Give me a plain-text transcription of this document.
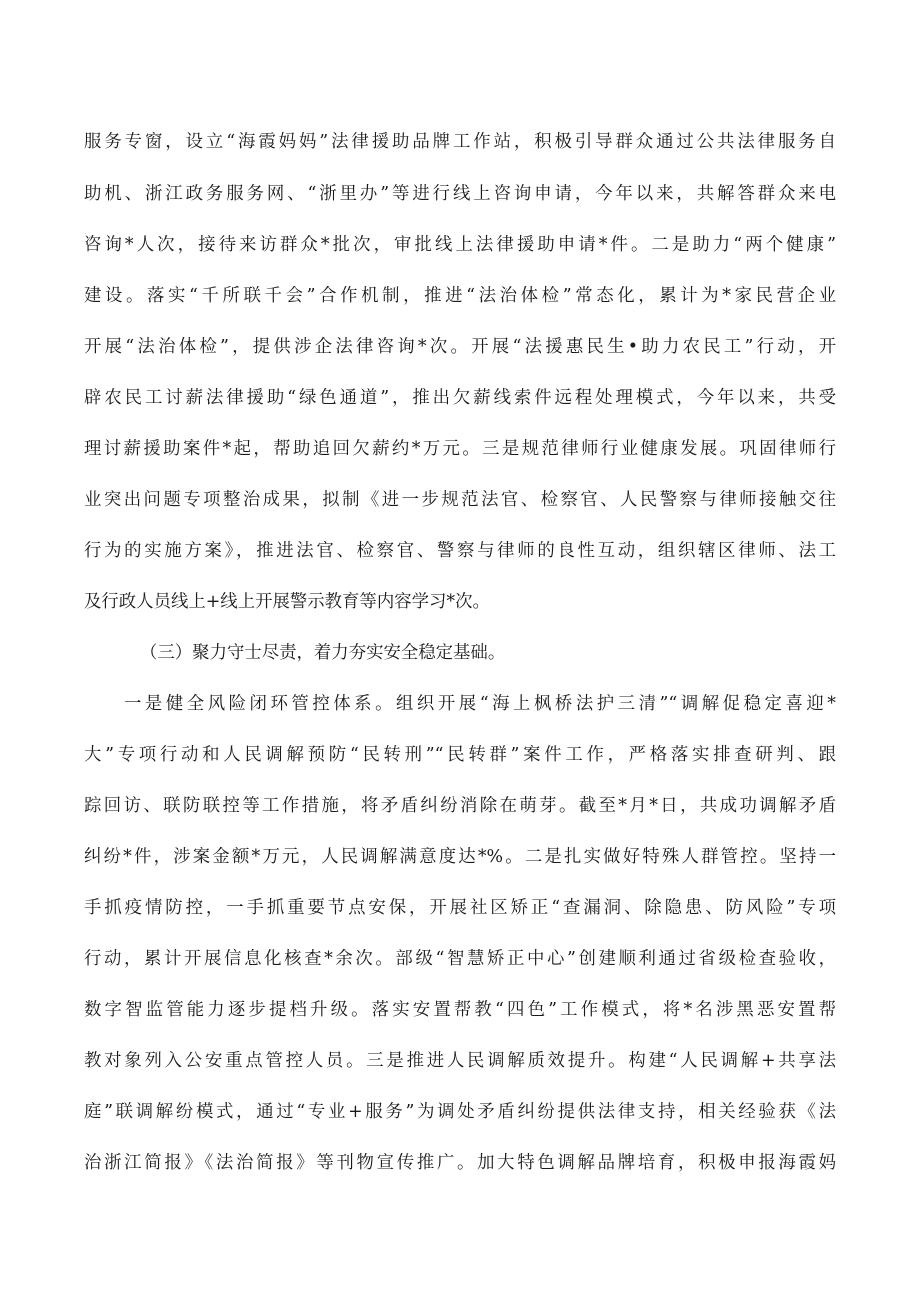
服务专窗，设立“海霞妈妈”法律援助品牌工作站，积极引导群众通过公共法律服务自
助机、浙江政务服务网、“浙里办”等进行线上咨询申请，今年以来，共解答群众来电
咨询*人次，接待来访群众*批次，审批线上法律援助申请*件。二是助力“两个健康”
建设。落实“千所联千会”合作机制，推进“法治体检”常态化，累计为*家民营企业
开展“法治体检”，提供涉企法律咨询*次。开展“法援惠民生•助力农民工”行动，开
辟农民工讨薪法律援助“绿色通道”，推出欠薪线索件远程处理模式，今年以来，共受
理讨薪援助案件*起，帮助追回欠薪约*万元。三是规范律师行业健康发展。巩固律师行
业突出问题专项整治成果，拟制《进一步规范法官、检察官、人民警察与律师接触交往
行为的实施方案》，推进法官、检察官、警察与律师的良性互动，组织辖区律师、法工
及行政人员线上+线上开展警示教育等内容学习*次。
（三）聚力守士尽责，着力夯实安全稳定基础。
一是健全风险闭环管控体系。组织开展“海上枫桥法护三清”“调解促稳定喜迎*
大”专项行动和人民调解预防“民转刑”“民转群”案件工作，严格落实排查研判、跟
踪回访、联防联控等工作措施，将矛盾纠纷消除在萌芽。截至*月*日，共成功调解矛盾
纠纷*件，涉案金额*万元，人民调解满意度达*%。二是扎实做好特殊人群管控。坚持一
手抓疫情防控，一手抓重要节点安保，开展社区矫正“查漏洞、除隐患、防风险”专项
行动，累计开展信息化核查*余次。部级“智慧矫正中心”创建顺利通过省级检查验收，
数字智监管能力逐步提档升级。落实安置帮教“四色”工作模式，将*名涉黑恶安置帮
教对象列入公安重点管控人员。三是推进人民调解质效提升。构建“人民调解+共享法
庭”联调解纷模式，通过“专业+服务”为调处矛盾纠纷提供法律支持，相关经验获《法
治浙江简报》《法治简报》等刊物宣传推广。加大特色调解品牌培育，积极申报海霞妈
